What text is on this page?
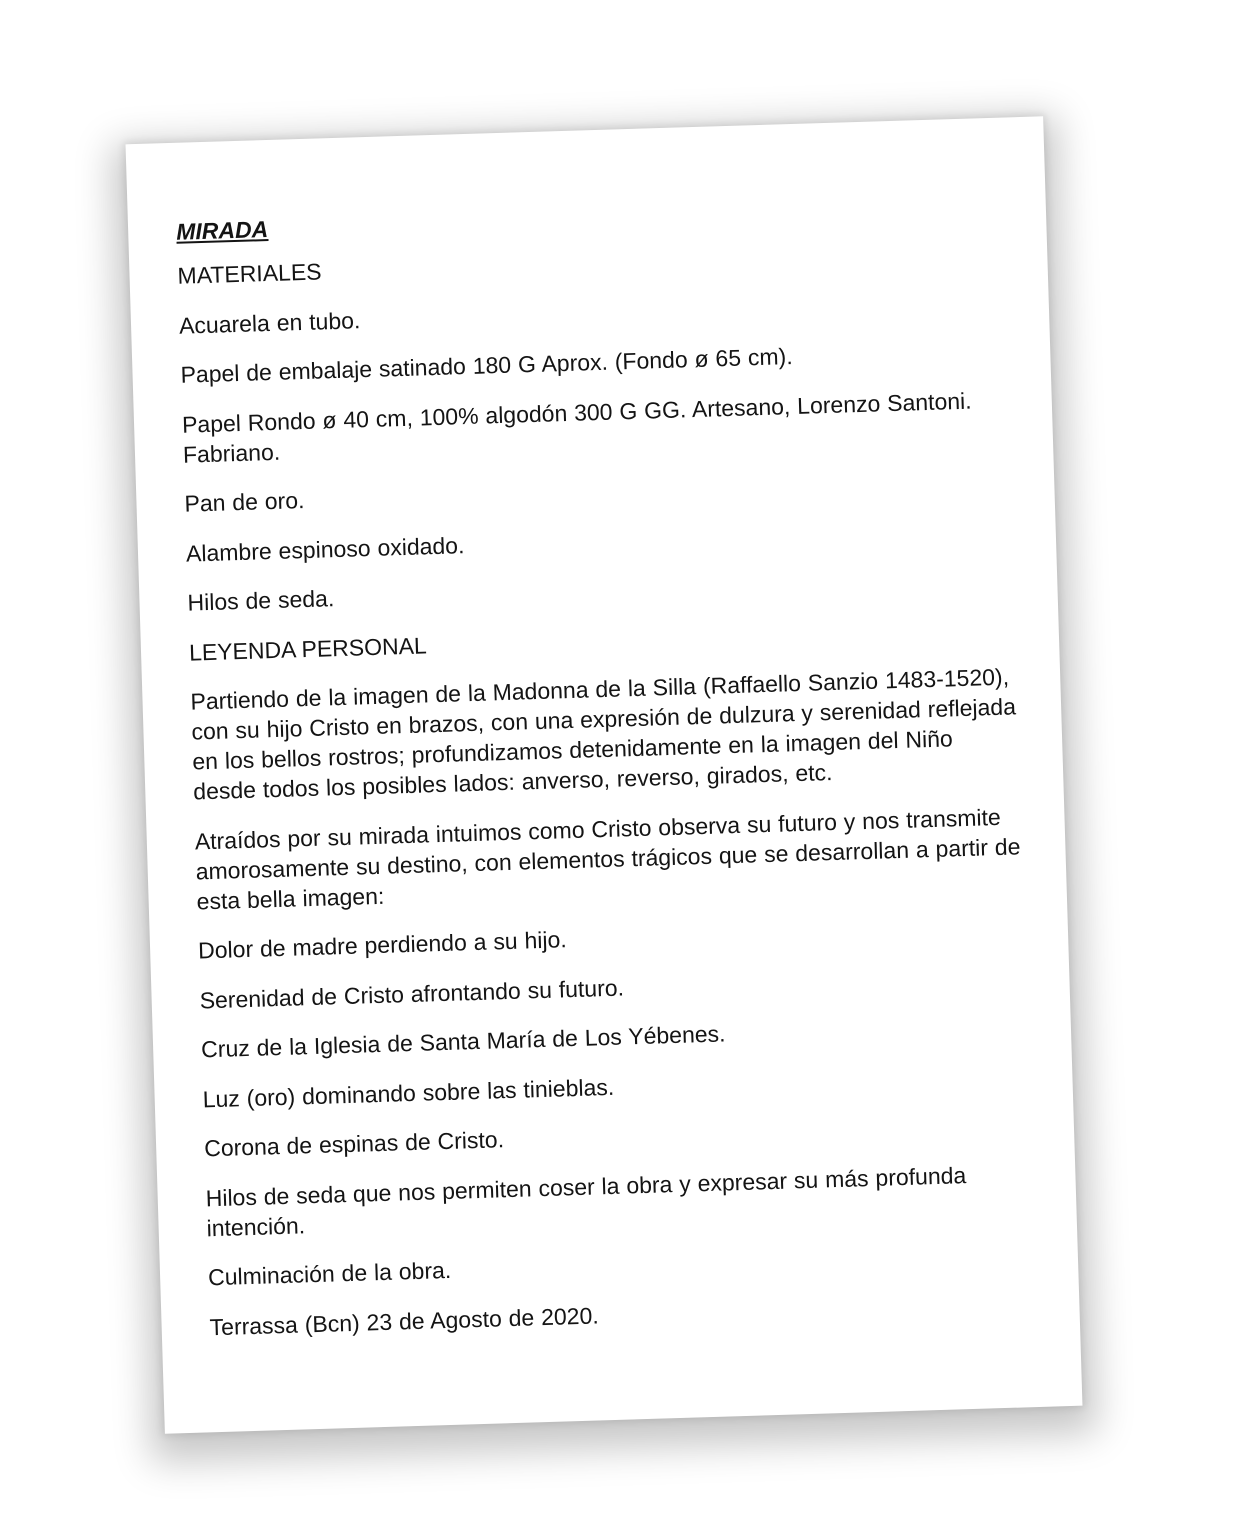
MIRADA
MATERIALES
Acuarela en tubo.
Papel de embalaje satinado 180 G Aprox. (Fondo ø 65 cm).
Papel Rondo ø 40 cm, 100% algodón 300 G GG. Artesano, Lorenzo Santoni. Fabriano.
Pan de oro.
Alambre espinoso oxidado.
Hilos de seda.
LEYENDA PERSONAL
Partiendo de la imagen de la Madonna de la Silla (Raffaello Sanzio 1483-1520), con su hijo Cristo en brazos, con una expresión de dulzura y serenidad reflejada en los bellos rostros; profundizamos detenidamente en la imagen del Niño desde todos los posibles lados: anverso, reverso, girados, etc.
Atraídos por su mirada intuimos como Cristo observa su futuro y nos transmite amorosamente su destino, con elementos trágicos que se desarrollan a partir de esta bella imagen:
Dolor de madre perdiendo a su hijo.
Serenidad de Cristo afrontando su futuro.
Cruz de la Iglesia de Santa María de Los Yébenes.
Luz (oro) dominando sobre las tinieblas.
Corona de espinas de Cristo.
Hilos de seda que nos permiten coser la obra y expresar su más profunda intención.
Culminación de la obra.
Terrassa (Bcn) 23 de Agosto de 2020.
